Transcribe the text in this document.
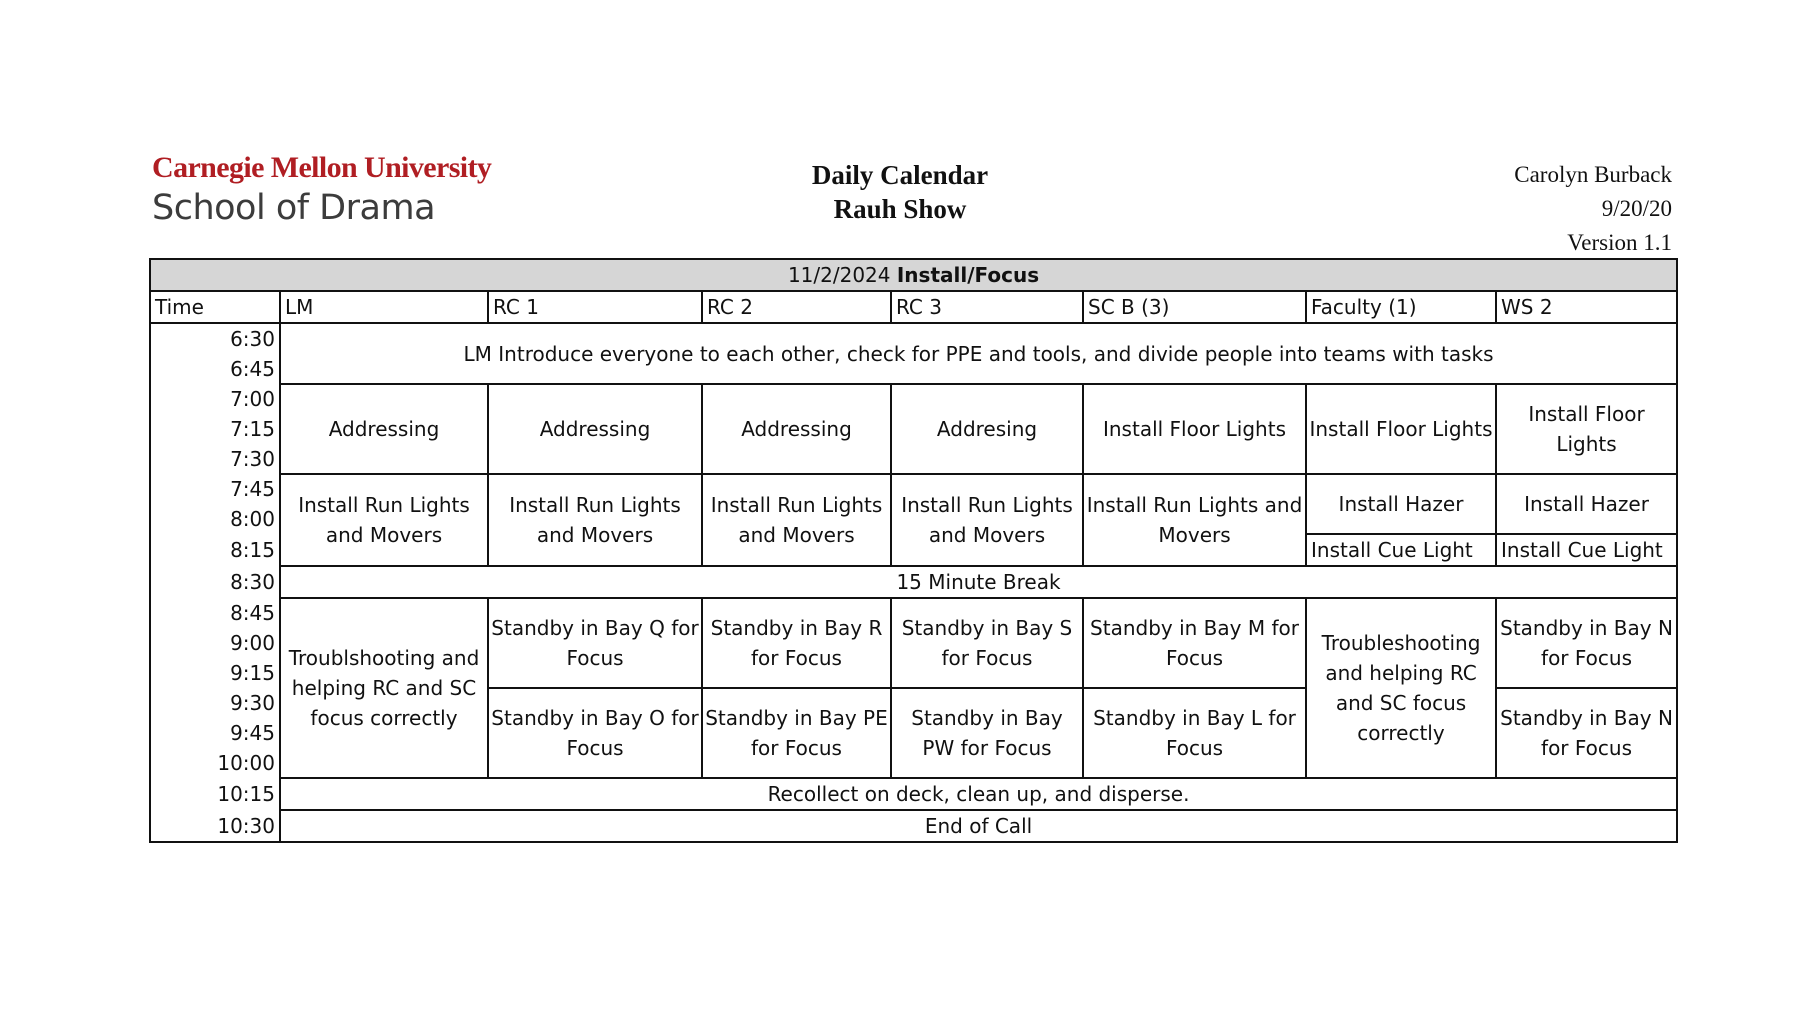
Carnegie Mellon University
School of Drama
Daily Calendar
Rauh Show
Carolyn Burback
9/20/20
Version 1.1
11/2/2024 Install/Focus							
Time	LM	RC 1	RC 2	RC 3	SC B (3)	Faculty (1)	WS 2
6:30	LM Introduce everyone to each other, check for PPE and tools, and divide people into teams with tasks						
6:45							
7:00	Addressing	Addressing	Addressing	Addresing	Install Floor Lights	Install Floor Lights	Install Floor Lights
7:15							
7:30							
7:45	Install Run Lights and Movers	Install Run Lights and Movers	Install Run Lights and Movers	Install Run Lights and Movers	Install Run Lights and Movers	Install Hazer	Install Hazer
8:00							
8:15						Install Cue Light	Install Cue Light
8:30	15 Minute Break						
8:45	Troublshooting and helping RC and SC focus correctly	Standby in Bay Q for Focus	Standby in Bay R for Focus	Standby in Bay S for Focus	Standby in Bay M for Focus	Troubleshooting and helping RC and SC focus correctly	Standby in Bay N for Focus
9:00							
9:15							
9:30		Standby in Bay O for Focus	Standby in Bay PE for Focus	Standby in Bay PW for Focus	Standby in Bay L for Focus		Standby in Bay N for Focus
9:45							
10:00							
10:15	Recollect on deck, clean up, and disperse.						
10:30	End of Call						
